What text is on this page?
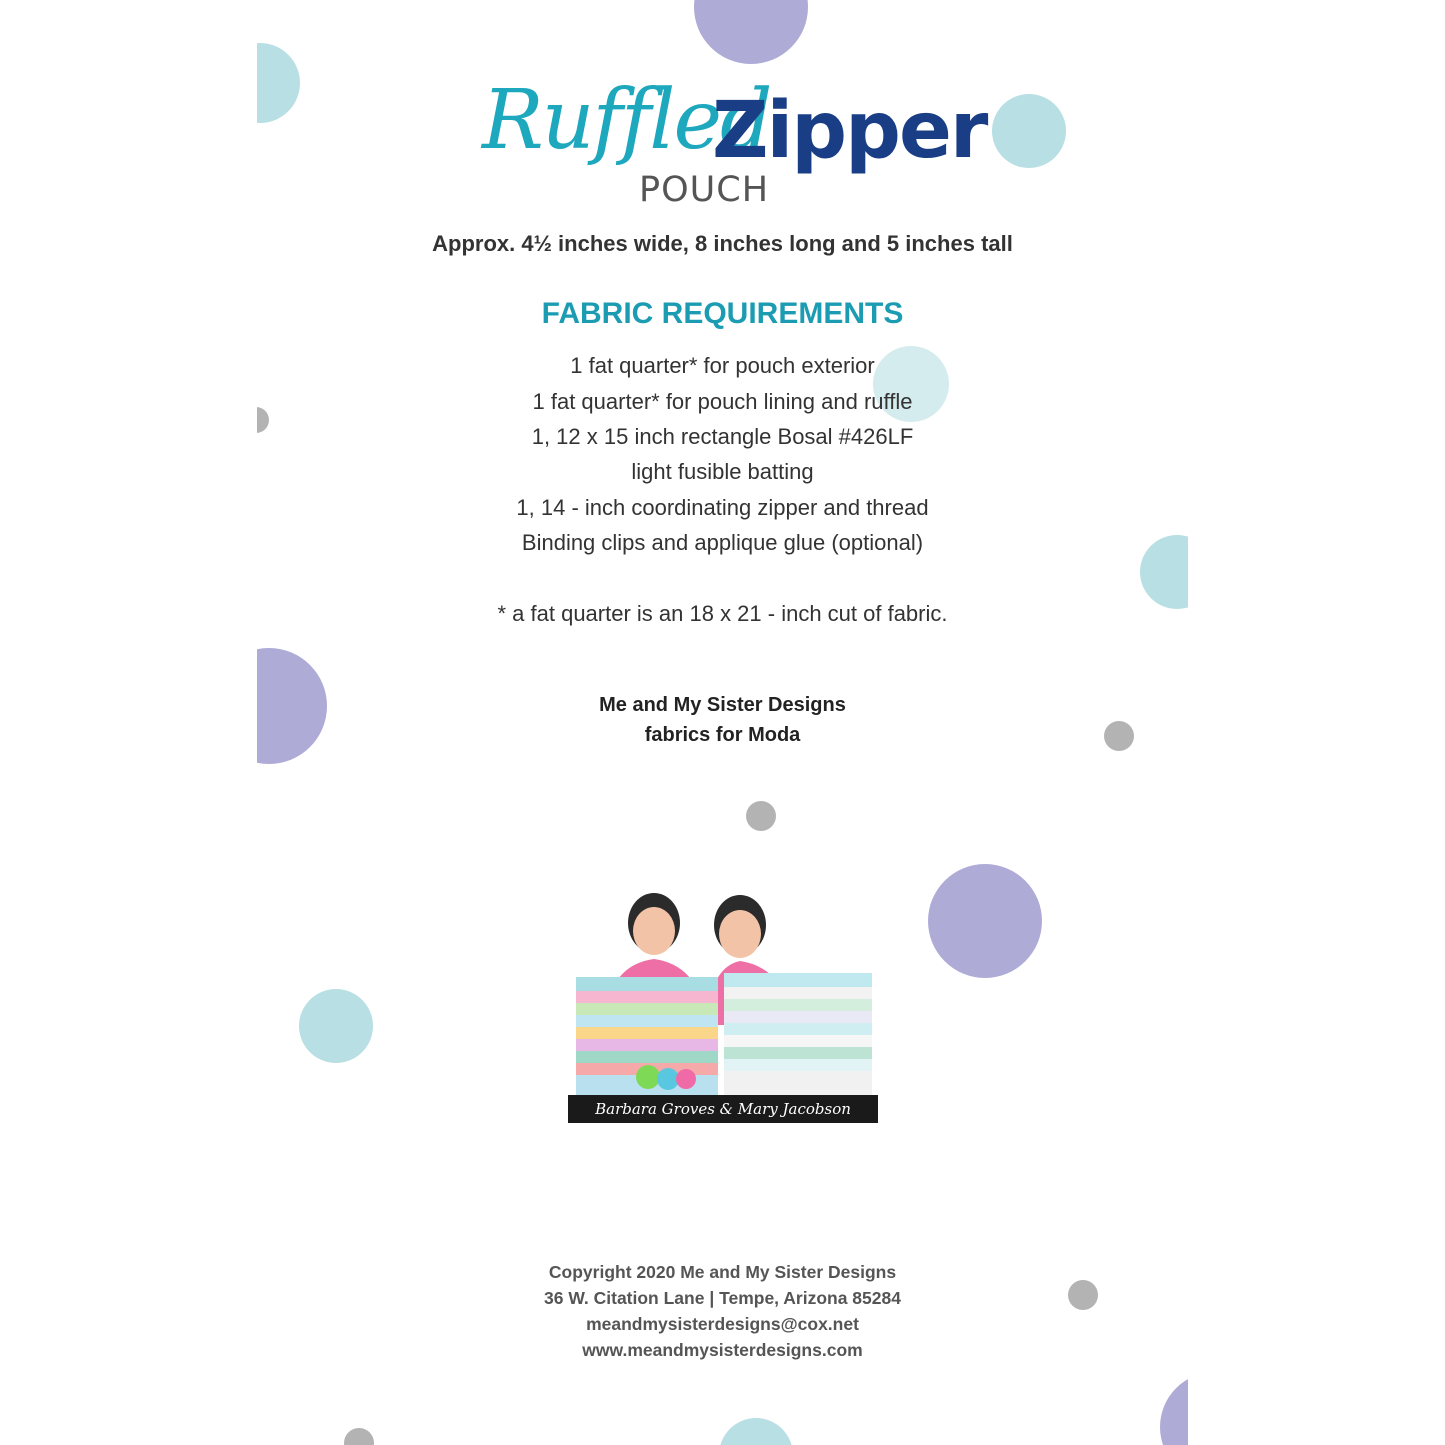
Ruffled
Zipper
POUCH
Approx. 4½ inches wide, 8 inches long and 5 inches tall
FABRIC REQUIREMENTS
1 fat quarter* for pouch exterior
1 fat quarter* for pouch lining and ruffle
1, 12 x 15 inch rectangle Bosal #426LF
light fusible batting
1, 14 - inch coordinating zipper and thread
Binding clips and applique glue (optional)
* a fat quarter is an 18 x 21 - inch cut of fabric.
Me and My Sister Designs
fabrics for Moda
Barbara Groves & Mary Jacobson
Copyright 2020 Me and My Sister Designs
36 W. Citation Lane | Tempe, Arizona 85284
meandmysisterdesigns@cox.net
www.meandmysisterdesigns.com
